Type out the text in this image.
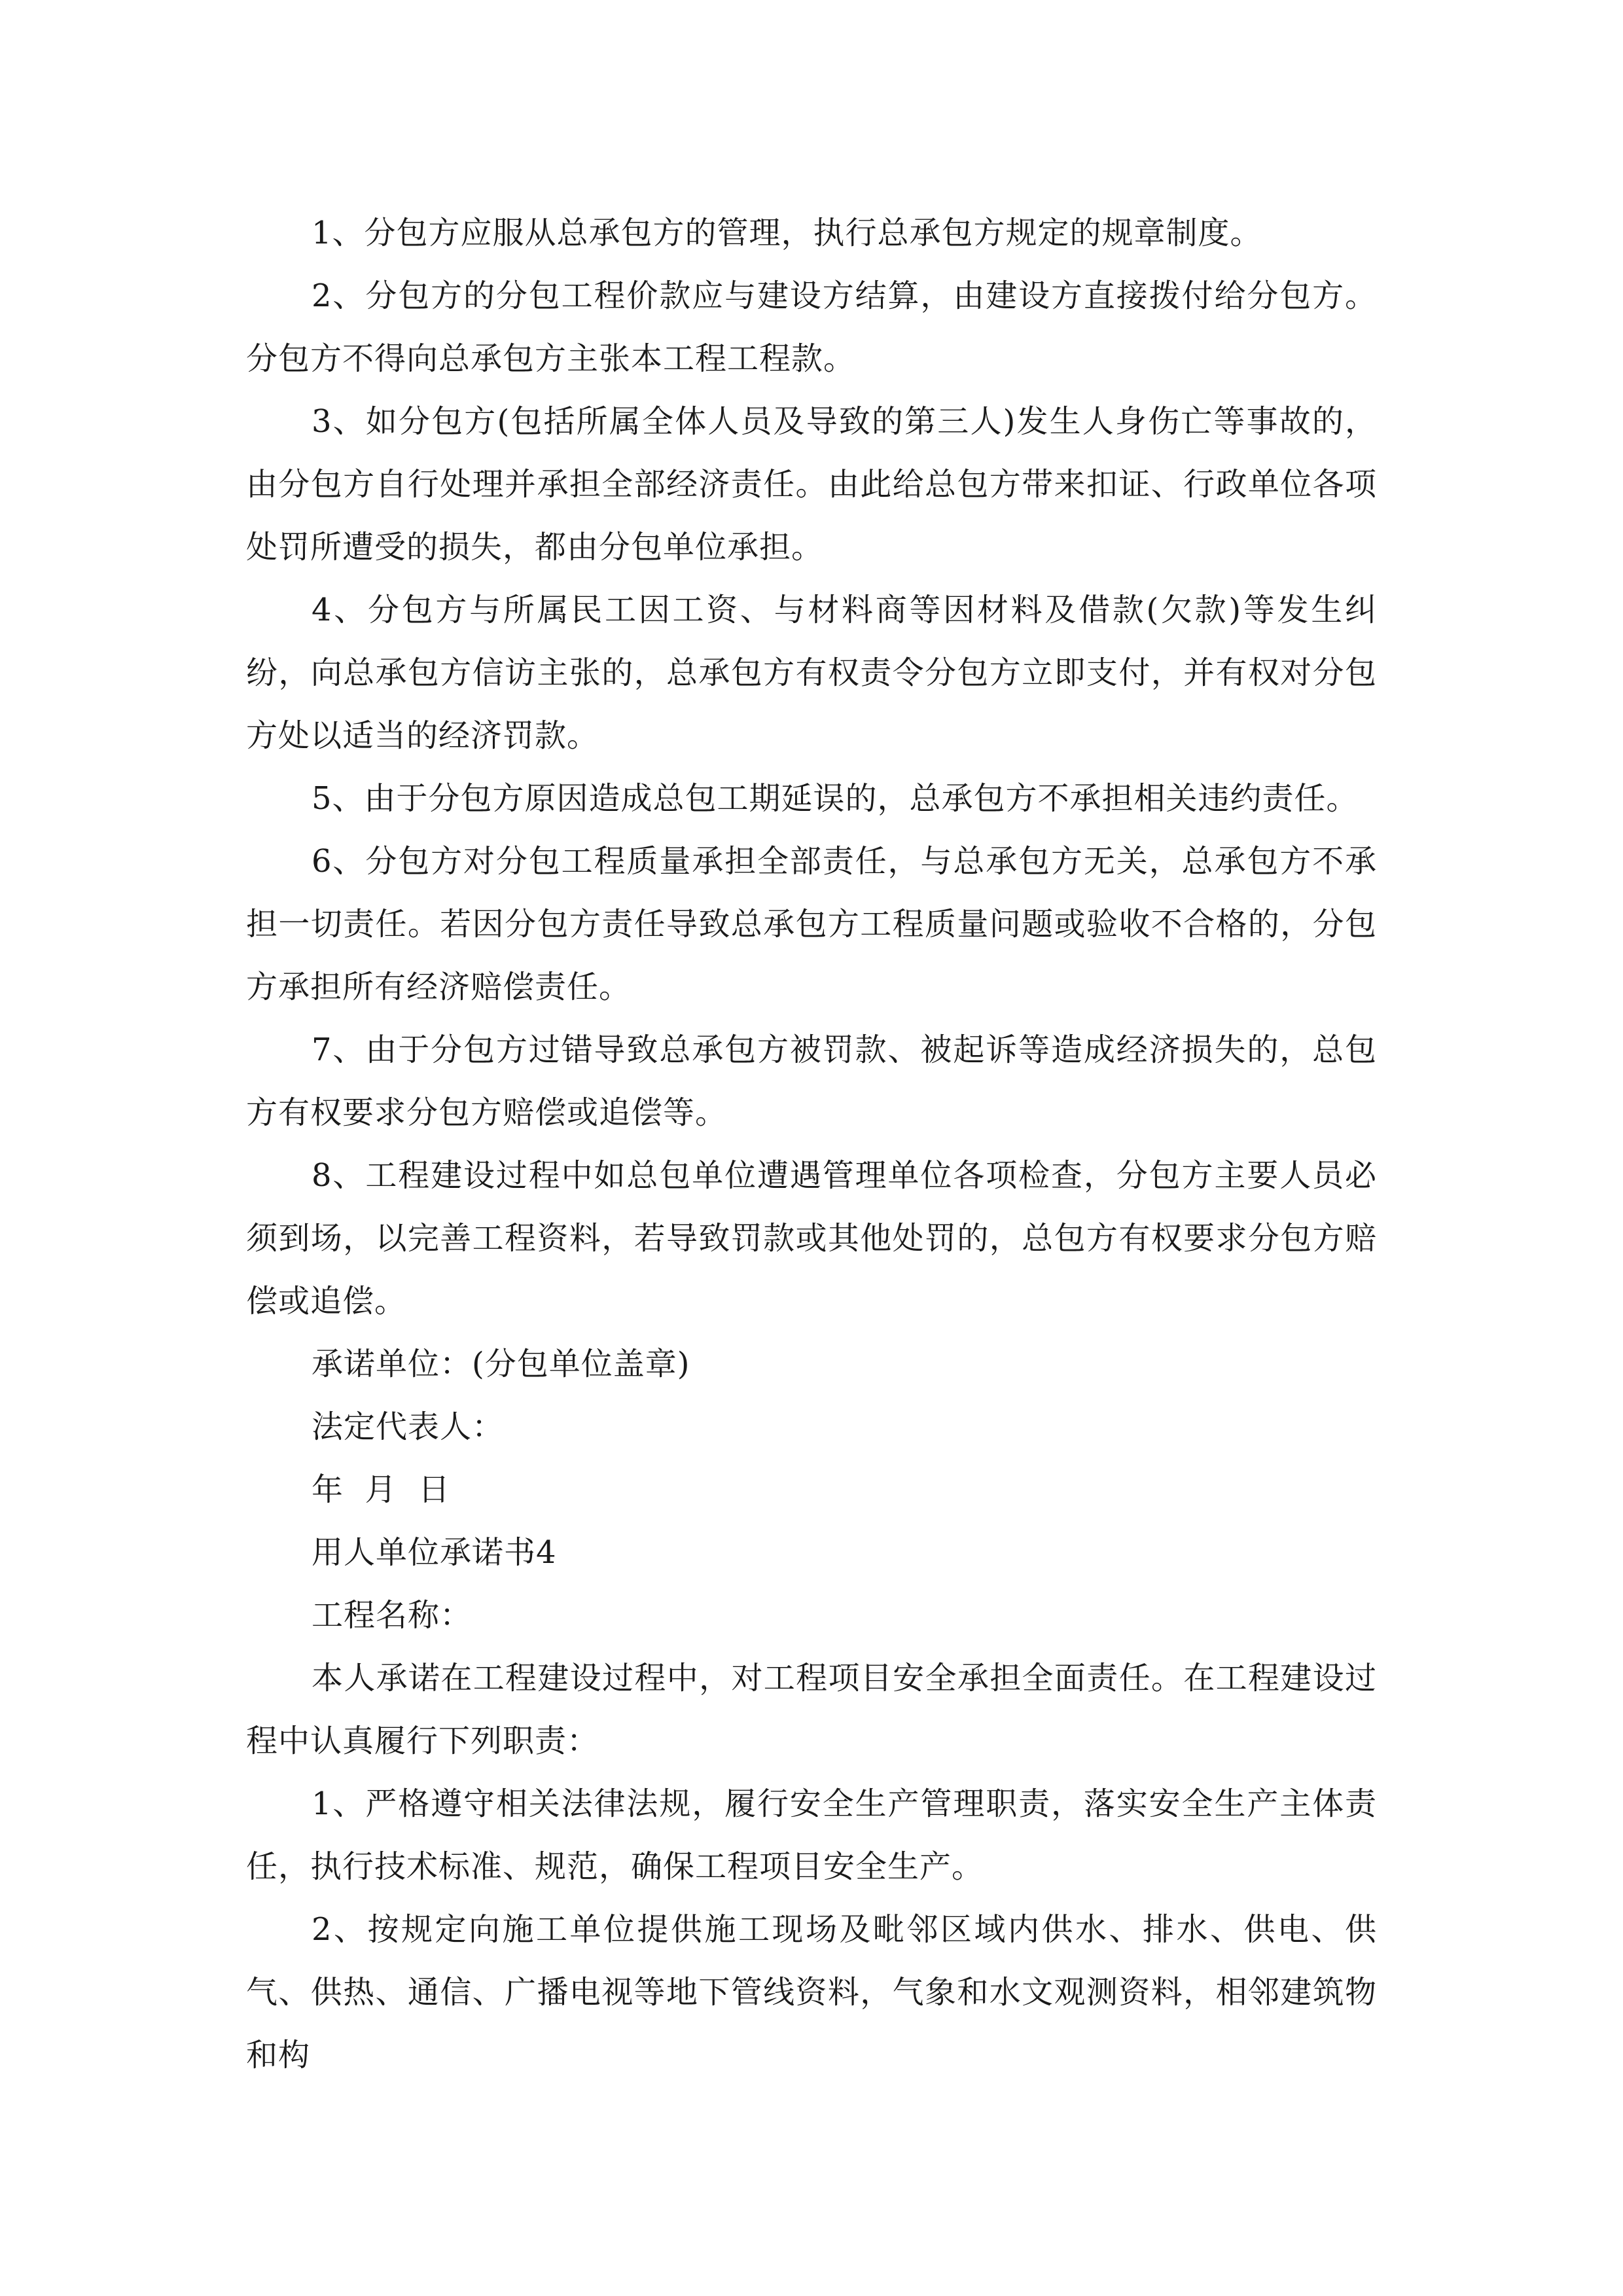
1、分包方应服从总承包方的管理，执行总承包方规定的规章制度。

2、分包方的分包工程价款应与建设方结算，由建设方直接拨付给分包方。分包方不得向总承包方主张本工程工程款。

3、如分包方(包括所属全体人员及导致的第三人)发生人身伤亡等事故的，由分包方自行处理并承担全部经济责任。由此给总包方带来扣证、行政单位各项处罚所遭受的损失，都由分包单位承担。

4、分包方与所属民工因工资、与材料商等因材料及借款(欠款)等发生纠纷，向总承包方信访主张的，总承包方有权责令分包方立即支付，并有权对分包方处以适当的经济罚款。

5、由于分包方原因造成总包工期延误的，总承包方不承担相关违约责任。

6、分包方对分包工程质量承担全部责任，与总承包方无关，总承包方不承担一切责任。若因分包方责任导致总承包方工程质量问题或验收不合格的，分包方承担所有经济赔偿责任。

7、由于分包方过错导致总承包方被罚款、被起诉等造成经济损失的，总包方有权要求分包方赔偿或追偿等。

8、工程建设过程中如总包单位遭遇管理单位各项检查，分包方主要人员必须到场，以完善工程资料，若导致罚款或其他处罚的，总包方有权要求分包方赔偿或追偿。

承诺单位：(分包单位盖章)

法定代表人：

年  月  日

用人单位承诺书4

工程名称：

本人承诺在工程建设过程中，对工程项目安全承担全面责任。在工程建设过程中认真履行下列职责：

1、严格遵守相关法律法规，履行安全生产管理职责，落实安全生产主体责任，执行技术标准、规范，确保工程项目安全生产。

2、按规定向施工单位提供施工现场及毗邻区域内供水、排水、供电、供气、供热、通信、广播电视等地下管线资料，气象和水文观测资料，相邻建筑物和构
